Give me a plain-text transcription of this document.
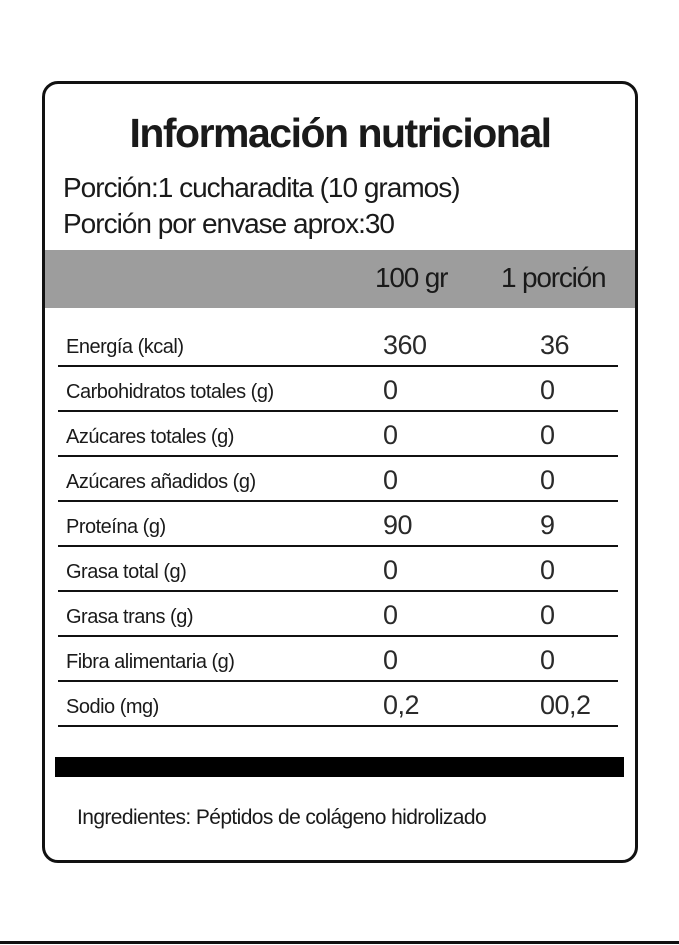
Información nutricional
Porción:1 cucharadita (10 gramos)
Porción por envase aprox:30
100 gr 1 porción
Energía (kcal)	360	36
Carbohidratos totales (g)	0	0
Azúcares totales (g)	0	0
Azúcares añadidos (g)	0	0
Proteína (g)	90	9
Grasa total (g)	0	0
Grasa trans (g)	0	0
Fibra alimentaria (g)	0	0
Sodio (mg)	0,2	00,2
Ingredientes: Péptidos de colágeno hidrolizado
